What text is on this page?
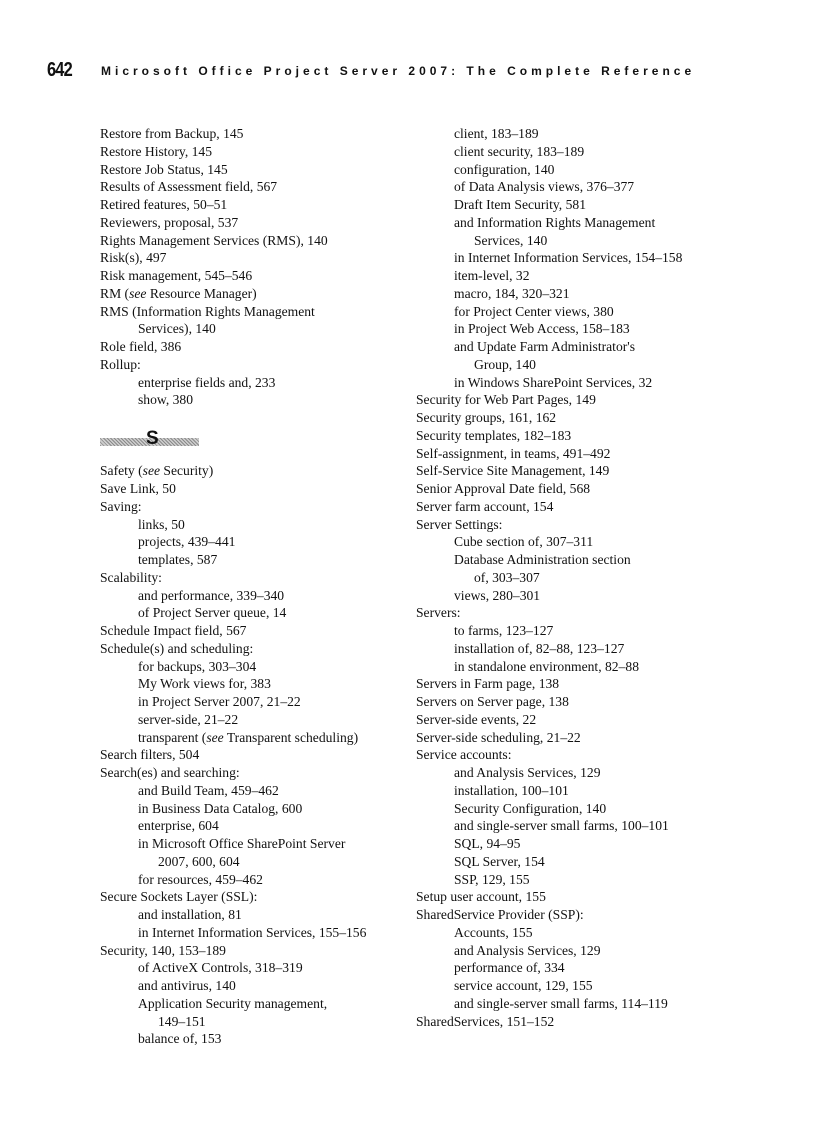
642 Microsoft Office Project Server 2007: The Complete Reference
Restore from Backup, 145
Restore History, 145
Restore Job Status, 145
Results of Assessment field, 567
Retired features, 50–51
Reviewers, proposal, 537
Rights Management Services (RMS), 140
Risk(s), 497
Risk management, 545–546
RM (see Resource Manager)
RMS (Information Rights Management
Services), 140
Role field, 386
Rollup:
enterprise fields and, 233
show, 380
S
Safety (see Security)
Save Link, 50
Saving:
links, 50
projects, 439–441
templates, 587
Scalability:
and performance, 339–340
of Project Server queue, 14
Schedule Impact field, 567
Schedule(s) and scheduling:
for backups, 303–304
My Work views for, 383
in Project Server 2007, 21–22
server-side, 21–22
transparent (see Transparent scheduling)
Search filters, 504
Search(es) and searching:
and Build Team, 459–462
in Business Data Catalog, 600
enterprise, 604
in Microsoft Office SharePoint Server
2007, 600, 604
for resources, 459–462
Secure Sockets Layer (SSL):
and installation, 81
in Internet Information Services, 155–156
Security, 140, 153–189
of ActiveX Controls, 318–319
and antivirus, 140
Application Security management,
149–151
balance of, 153
client, 183–189
client security, 183–189
configuration, 140
of Data Analysis views, 376–377
Draft Item Security, 581
and Information Rights Management
Services, 140
in Internet Information Services, 154–158
item-level, 32
macro, 184, 320–321
for Project Center views, 380
in Project Web Access, 158–183
and Update Farm Administrator's
Group, 140
in Windows SharePoint Services, 32
Security for Web Part Pages, 149
Security groups, 161, 162
Security templates, 182–183
Self-assignment, in teams, 491–492
Self-Service Site Management, 149
Senior Approval Date field, 568
Server farm account, 154
Server Settings:
Cube section of, 307–311
Database Administration section
of, 303–307
views, 280–301
Servers:
to farms, 123–127
installation of, 82–88, 123–127
in standalone environment, 82–88
Servers in Farm page, 138
Servers on Server page, 138
Server-side events, 22
Server-side scheduling, 21–22
Service accounts:
and Analysis Services, 129
installation, 100–101
Security Configuration, 140
and single-server small farms, 100–101
SQL, 94–95
SQL Server, 154
SSP, 129, 155
Setup user account, 155
SharedService Provider (SSP):
Accounts, 155
and Analysis Services, 129
performance of, 334
service account, 129, 155
and single-server small farms, 114–119
SharedServices, 151–152
